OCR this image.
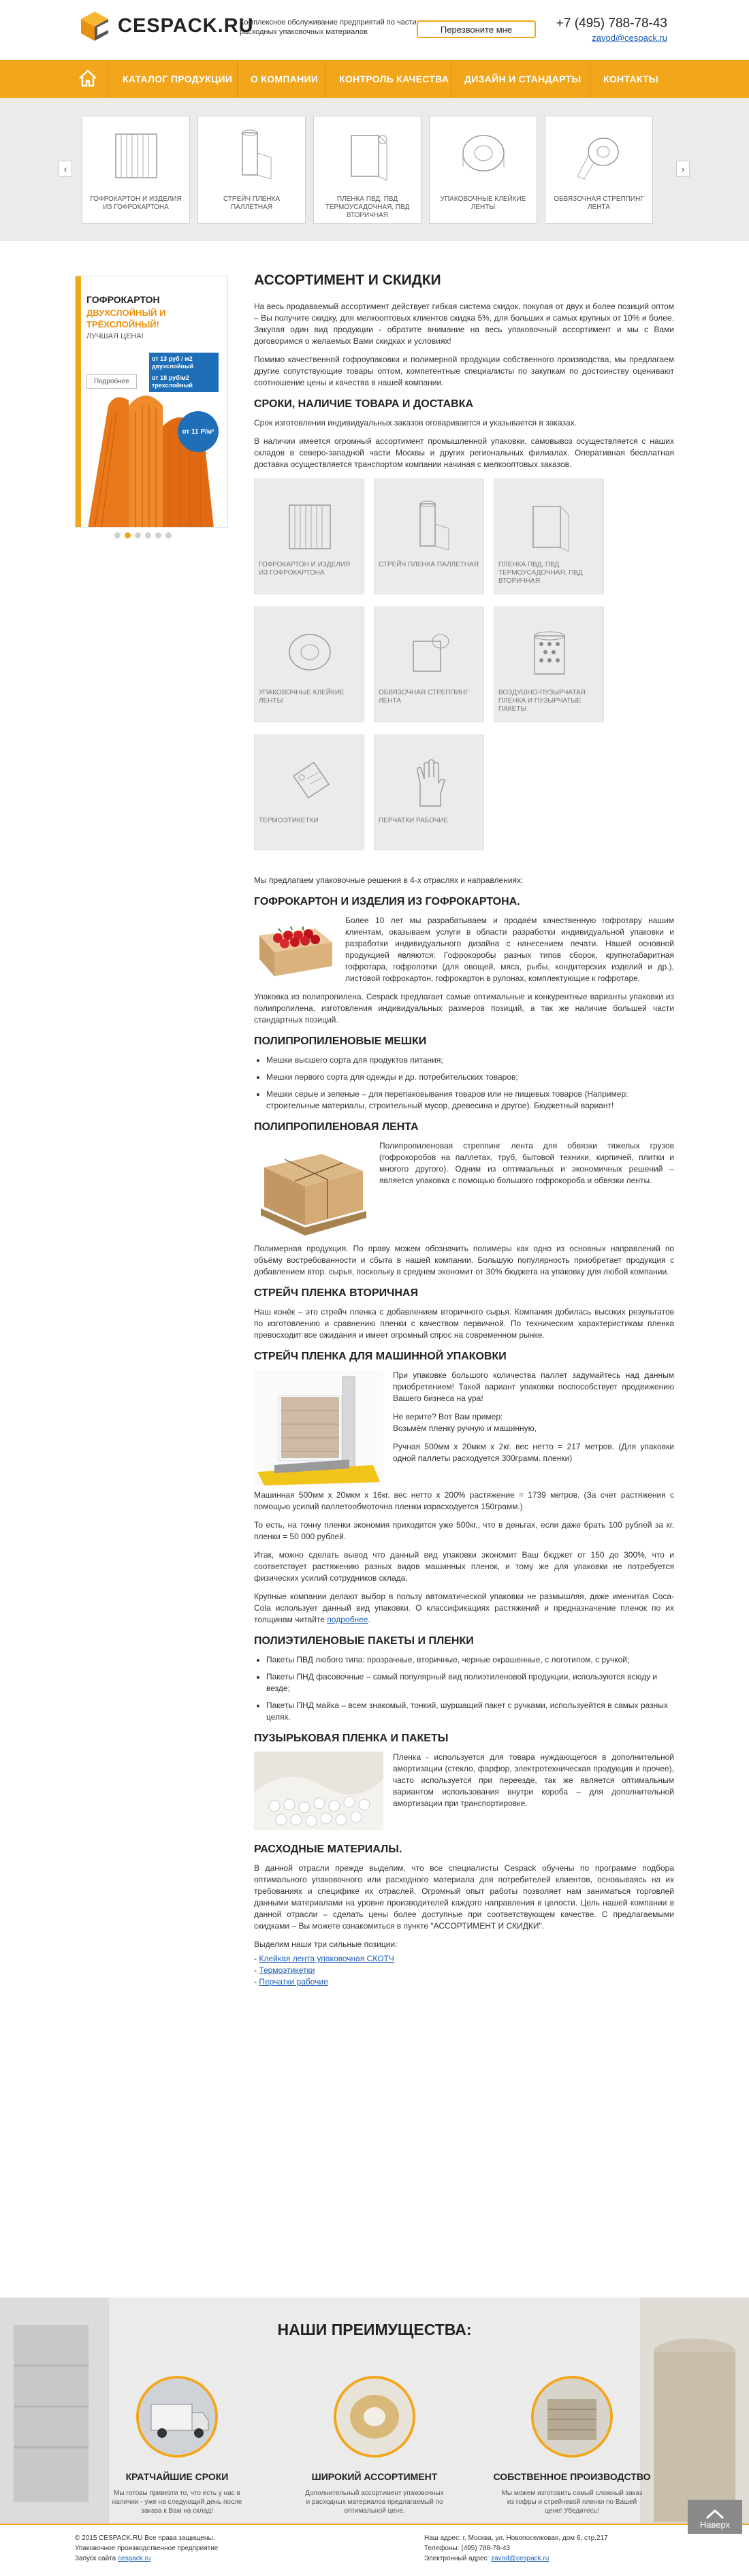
CESPACK.RU
Комплексное обслуживание предприятий по части расходных упаковочных материалов	Перезвоните мне	+7 (495) 788-78-43
zavod@cespack.ru
КАТАЛОГ ПРОДУКЦИИ О КОМПАНИИ КОНТРОЛЬ КАЧЕСТВА ДИЗАЙН И СТАНДАРТЫ КОНТАКТЫ
‹	›
ГОФРОКАРТОН И ИЗДЕЛИЯ ИЗ ГОФРОКАРТОНА
СТРЕЙЧ ПЛЕНКА ПАЛЛЕТНАЯ
ПЛЕНКА ПВД, ПВД ТЕРМОУСАДОЧНАЯ, ПВД ВТОРИЧНАЯ
УПАКОВОЧНЫЕ КЛЕЙКИЕ ЛЕНТЫ
ОБВЯЗОЧНАЯ СТРЕППИНГ ЛЕНТА
ГОФРОКАРТОН
ДВУХСЛОЙНЫЙ И
ТРЁХСЛОЙНЫЙ!
ЛУЧШАЯ ЦЕНА!
Подробнее
от 13 руб / м2 двухслойный
от 18 руб/м2 трехслойный
от 11 Р/м²
АССОРТИМЕНТ И СКИДКИ

На весь продаваемый ассортимент действует гибкая система скидок, покупая от двух и более позиций оптом – Вы получите скидку, для мелкооптовых клиентов скидка 5%, для больших и самых крупных от 10% и более. Закупая один вид продукции - обратите внимание на весь упаковочный ассортимент и мы с Вами договоримся о желаемых Вами скидках и условиях!

Помимо качественной гофроупаковки и полимерной продукции собственного производства, мы предлагаем другие сопутствующие товары оптом, компетентные специалисты по закупкам по достоинству оценивают соотношение цены и качества в нашей компании.

СРОКИ, НАЛИЧИЕ ТОВАРА И ДОСТАВКА

Срок изготовления индивидуальных заказов оговаривается и указывается в заказах.

В наличии имеется огромный ассортимент промышленной упаковки, самовывоз осуществляется с наших складов в северо-западной части Москвы и других региональных филиалах. Оперативная бесплатная доставка осуществляется транспортом компании начиная с мелкооптовых заказов.

ГОФРОКАРТОН И ИЗДЕЛИЯ ИЗ ГОФРОКАРТОНА
СТРЕЙЧ ПЛЕНКА ПАЛЛЕТНАЯ	ПЛЕНКА ПВД, ПВД ТЕРМОУСАДОЧНАЯ, ПВД ВТОРИЧНАЯ
УПАКОВОЧНЫЕ КЛЕЙКИЕ ЛЕНТЫ
ОБВЯЗОЧНАЯ СТРЕППИНГ ЛЕНТА
ВОЗДУШНО-ПУЗЫРЧАТАЯ ПЛЕНКА И ПУЗЫРЧАТЫЕ ПАКЕТЫ
ТЕРМОЭТИКЕТКИ	ПЕРЧАТКИ РАБОЧИЕ

Мы предлагаем упаковочные решения в 4-х отраслях и направлениях:

ГОФРОКАРТОН И ИЗДЕЛИЯ ИЗ ГОФРОКАРТОНА.

Более 10 лет мы разрабатываем и продаём качественную гофротару нашим клиентам, оказываем услуги в области разработки индивидуальной упаковки и разработки индивидуального дизайна с нанесением печати. Нашей основной продукцией являются: Гофрокоробы разных типов сборок, крупногабаритная гофротара, гофролотки (для овощей, мяса, рыбы, кондитерских изделий и др.), листовой гофрокартон, гофрокартон в рулонах, комплектующие к гофротаре.

Упаковка из полипропилена. Cespack предлагает самые оптимальные и конкурентные варианты упаковки из полипропилена, изготовления индивидуальных размеров позиций, а так же наличие большей части стандартных позиций.

ПОЛИПРОПИЛЕНОВЫЕ МЕШКИ
• Мешки высшего сорта для продуктов питания;
• Мешки первого сорта для одежды и др. потребительских товаров;
• Мешки серые и зеленые – для перепаковывания товаров или не пищевых товаров (Например: строительные материалы, строительный мусор, древесина и другое). Бюджетный вариант!
ПОЛИПРОПИЛЕНОВАЯ ЛЕНТА

Полипропиленовая стреппинг лента для обвязки тяжелых грузов (гофрокоробов на паллетах, труб, бытовой техники, кирпичей, плитки и многого другого). Одним из оптимальных и экономичных решений – является упаковка с помощью большого гофрокороба и обвязки ленты.

Полимерная продукция. По праву можем обозначить полимеры как одно из основных направлений по объёму востребованности и сбыта в нашей компании. Большую популярность приобретает продукция с добавлением втор. сырья, поскольку в среднем экономит от 30% бюджета на упаковку для любой компании.

СТРЕЙЧ ПЛЕНКА ВТОРИЧНАЯ

Наш конёк – это стрейч пленка с добавлением вторичного сырья. Компания добилась высоких результатов по изготовлению и сравнению пленки с качеством первичной. По техническим характеристикам пленка превосходит все ожидания и имеет огромный спрос на современном рынке.

СТРЕЙЧ ПЛЕНКА ДЛЯ МАШИННОЙ УПАКОВКИ

При упаковке большого количества паллет задумайтесь над данным приобретением! Такой вариант упаковки поспособствует продвижению Вашего бизнеса на ура!

Не верите? Вот Вам пример:

Возьмём пленку ручную и машинную,

Ручная 500мм х 20мкм х 2кг. вес нетто = 217 метров. (Для упаковки одной паллеты расходуется 300грамм. пленки)

Машинная 500мм х 20мкм х 16кг. вес нетто х 200% растяжение = 1739 метров. (За счет растяжения с помощью усилий паллетообмоточна пленки израсходуется 150грамм.)

То есть, на тонну пленки экономия приходится уже 500кг., что в деньгах, если даже брать 100 рублей за кг. пленки = 50 000 рублей.

Итак, можно сделать вывод что данный вид упаковки экономит Ваш бюджет от 150 до 300%, что и соответствует растяжению разных видов машинных пленок, и тому же для упаковки не потребуется физических усилий сотрудников склада.

Крупные компании делают выбор в пользу автоматической упаковки не размышляя, даже именитая Coca-Cola использует данный вид упаковки. О классификациях растяжений и предназначение пленок по их толщинам читайте подробнее.

ПОЛИЭТИЛЕНОВЫЕ ПАКЕТЫ И ПЛЕНКИ
• Пакеты ПВД любого типа: прозрачные, вторичные, черные окрашенные, с логотипом, с ручкой;
• Пакеты ПНД фасовочные – самый популярный вид полиэтиленовой продукции, используются всюду и везде;
• Пакеты ПНД майка – всем знакомый, тонкий, шуршащий пакет с ручками, используейтся в самых разных целях.
ПУЗЫРЬКОВАЯ ПЛЕНКА И ПАКЕТЫ

Пленка - используется для товара нуждающегося в дополнительной амортизации (стекло, фарфор, электротехническая продукция и прочее), часто используется при переезде, так же является оптимальным вариантом использования внутри короба – для дополнительной амортизации при транспортировке.

РАСХОДНЫЕ МАТЕРИАЛЫ.

В данной отрасли прежде выделим, что все специалисты Cespack обучены по программе подбора оптимального упаковочного или расходного материала для потребителей клиентов, основываясь на их требованиях и специфике их отраслей. Огромный опыт работы позволяет нам заниматься торговлей данными материалами на уровне производителей каждого направления в целости. Цель нашей компании в данной отрасли – сделать цены более доступные при соответствующем качестве. С предлагаемыми скидками – Вы можете ознакомиться в пункте "АССОРТИМЕНТ И СКИДКИ".

Выделим наши три сильные позиции:

- Клейкая лента упаковочная СКОТЧ
- Термоэтикетки
- Перчатки рабочие
НАШИ ПРЕИМУЩЕСТВА:
КРАТЧАЙШИЕ СРОКИ
Мы готовы привезти то, что есть у нас в наличии - уже на следующий день после заказа к Вам на склад!
ШИРОКИЙ АССОРТИМЕНТ
Дополнительный ассортимент упаковочных и расходных материалов предлагаемый по оптимальной цене.
СОБСТВЕННОЕ ПРОИЗВОДСТВО
Мы можем изготовить самый сложный заказ из гофры и стрейчевой пленки по Вашей цене! Убедитесь!
© 2015 CESPACK.RU Все права защищены.
Упаковочное производственное предприятие
Запуск сайта cespack.ru
Наш адрес: г. Москва, ул. Новопоселковая, дом 6, стр.217
Телефоны: (495) 788-78-43
Электронный адрес: zavod@cespack.ru
Наверх
